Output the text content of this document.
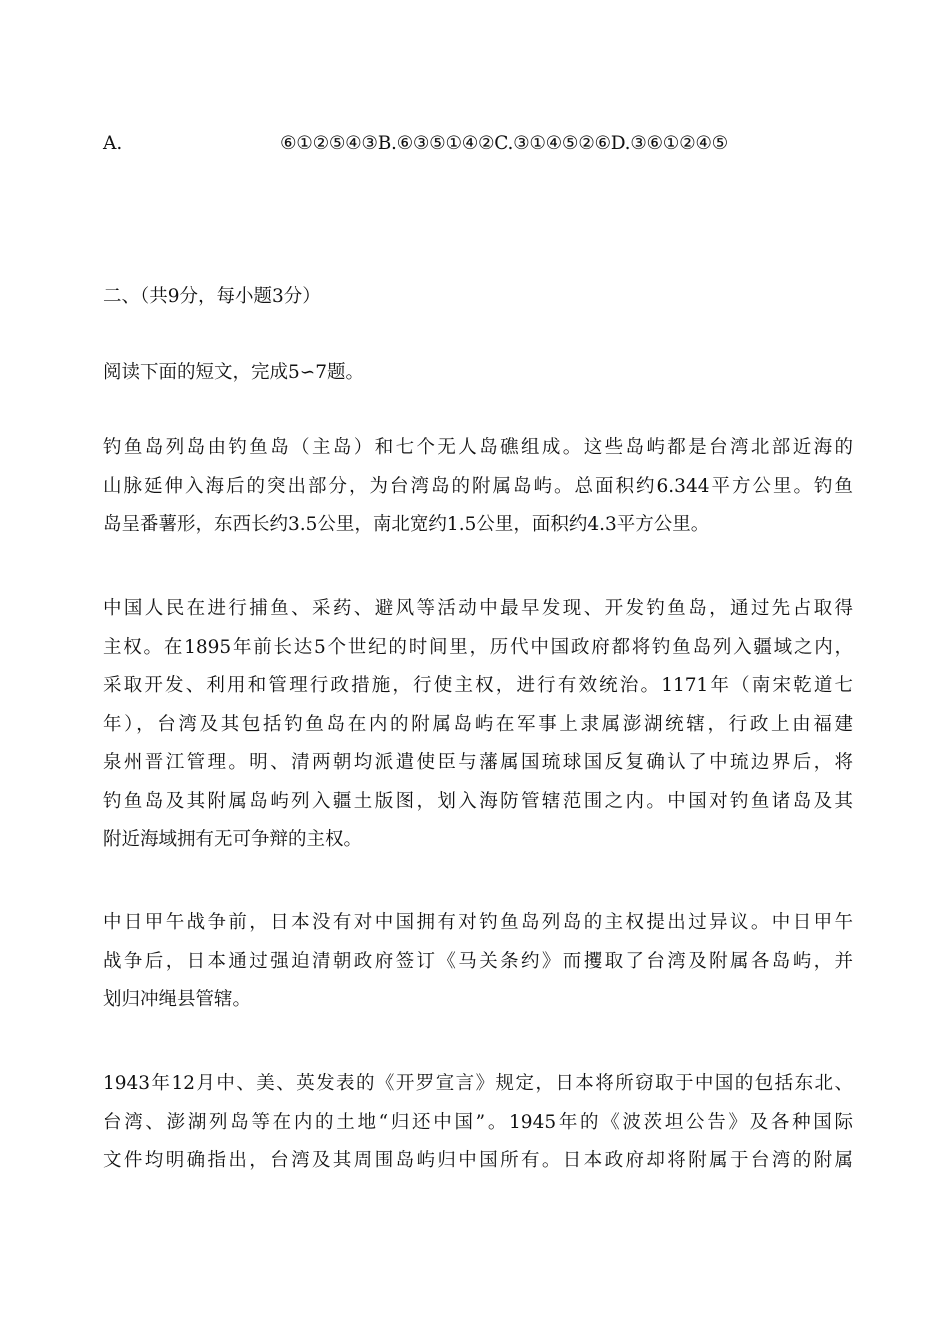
A.	⑥①②⑤④③B.⑥③⑤①④②C.③①④⑤②⑥D.③⑥①②④⑤
二、（共9分，每小题3分）
阅读下面的短文，完成5∽7题。
钓鱼岛列岛由钓鱼岛（主岛）和七个无人岛礁组成。这些岛屿都是台湾北部近海的
山脉延伸入海后的突出部分，为台湾岛的附属岛屿。总面积约6.344平方公里。钓鱼
岛呈番薯形，东西长约3.5公里，南北宽约1.5公里，面积约4.3平方公里。
中国人民在进行捕鱼、采药、避风等活动中最早发现、开发钓鱼岛，通过先占取得
主权。在1895年前长达5个世纪的时间里，历代中国政府都将钓鱼岛列入疆域之内，
采取开发、利用和管理行政措施，行使主权，进行有效统治。1171年（南宋乾道七
年），台湾及其包括钓鱼岛在内的附属岛屿在军事上隶属澎湖统辖，行政上由福建
泉州晋江管理。明、清两朝均派遣使臣与藩属国琉球国反复确认了中琉边界后，将
钓鱼岛及其附属岛屿列入疆土版图，划入海防管辖范围之内。中国对钓鱼诸岛及其
附近海域拥有无可争辩的主权。
中日甲午战争前，日本没有对中国拥有对钓鱼岛列岛的主权提出过异议。中日甲午
战争后，日本通过强迫清朝政府签订《马关条约》而攫取了台湾及附属各岛屿，并
划归冲绳县管辖。
1943年12月中、美、英发表的《开罗宣言》规定，日本将所窃取于中国的包括东北、
台湾、澎湖列岛等在内的土地“归还中国”。1945年的《波茨坦公告》及各种国际
文件均明确指出，台湾及其周围岛屿归中国所有。日本政府却将附属于台湾的附属
